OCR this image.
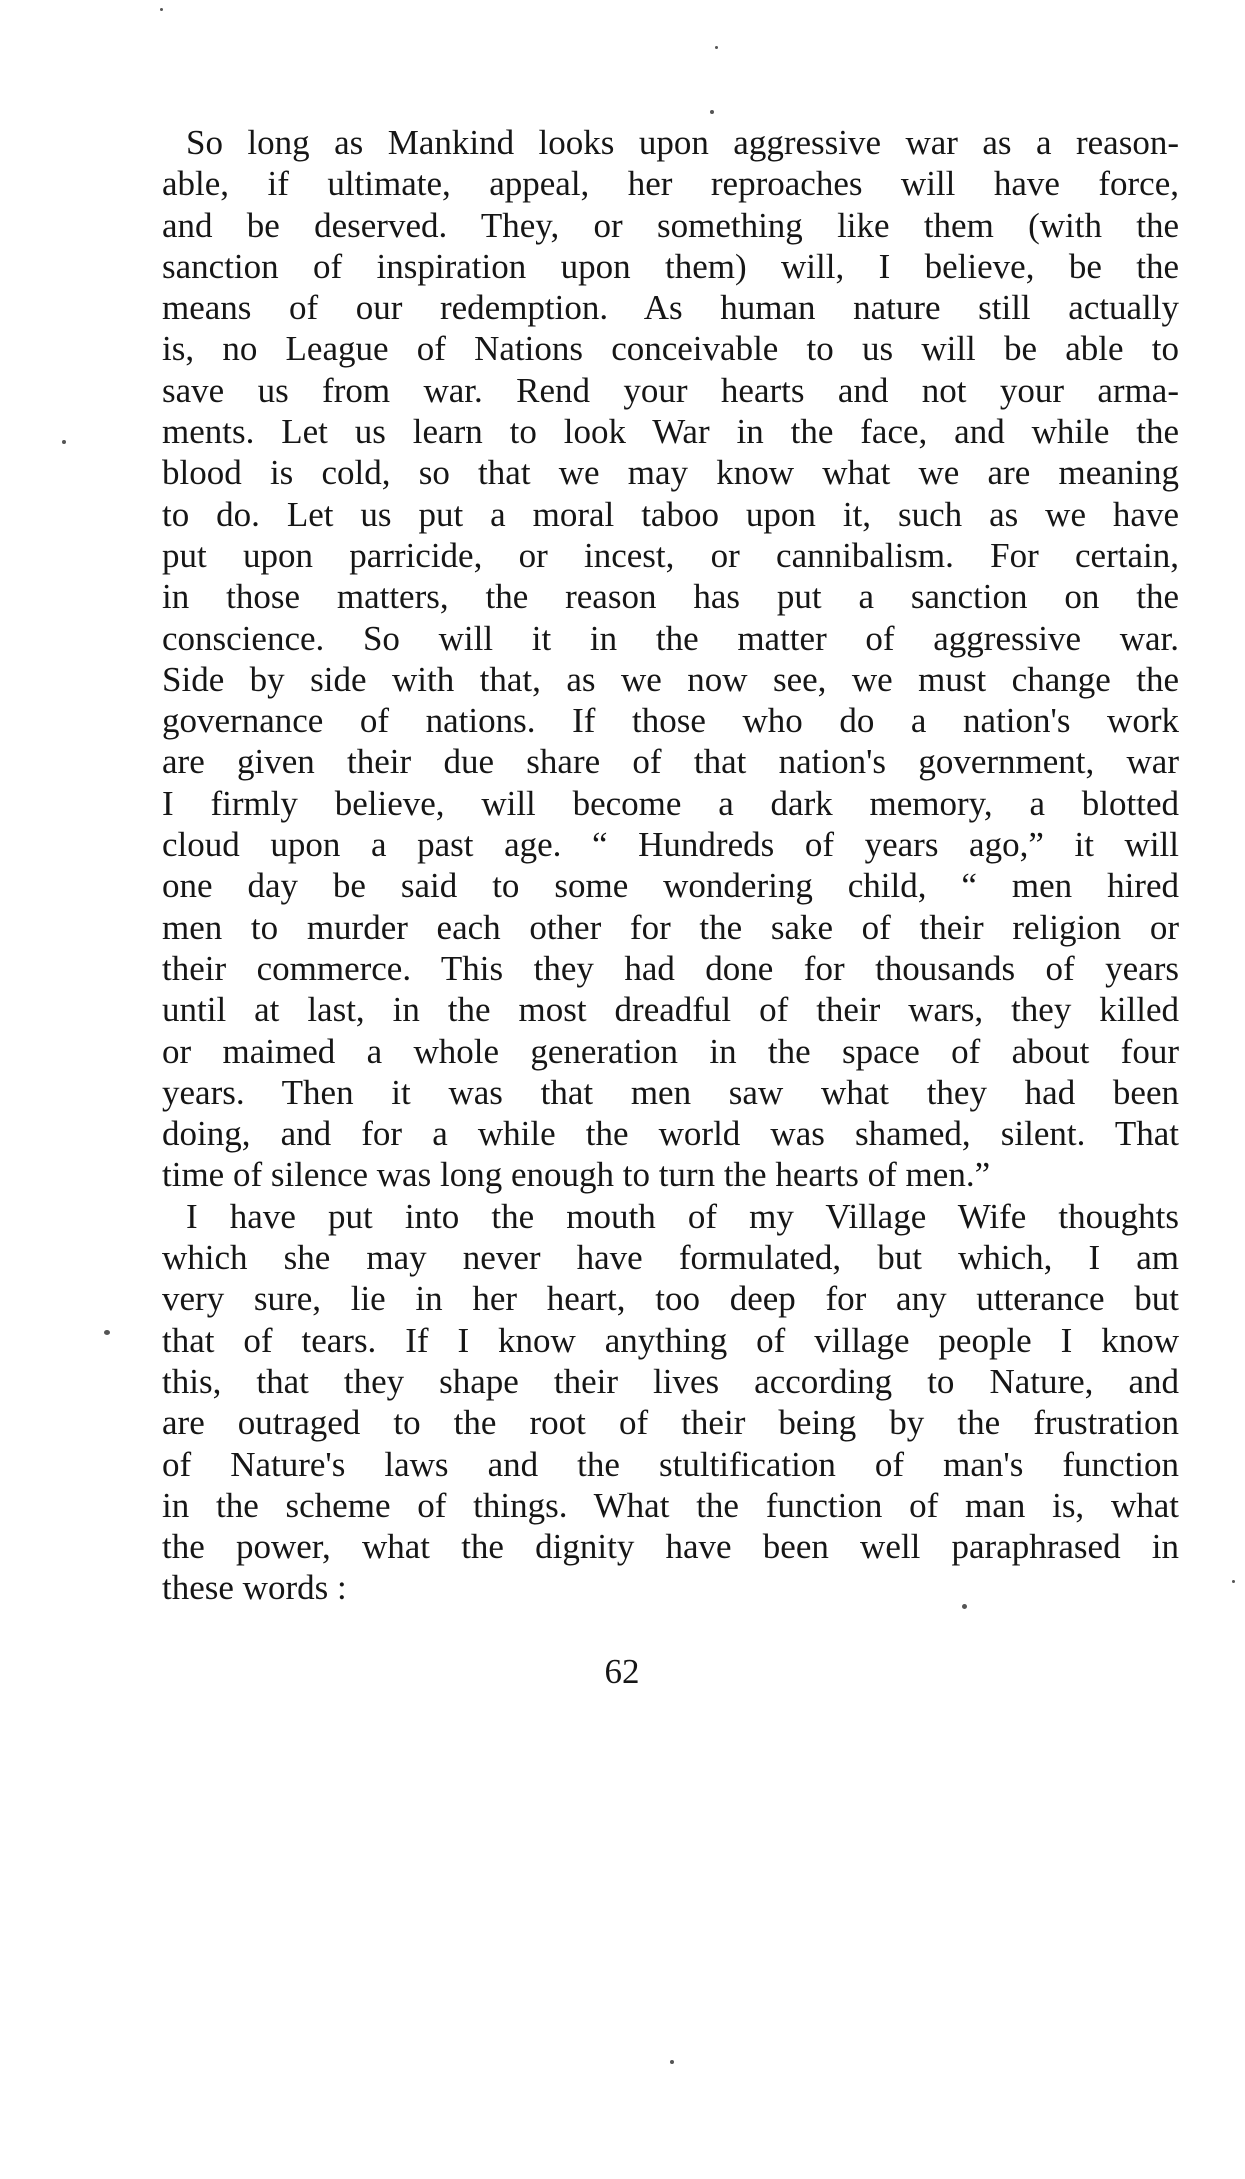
So long as Mankind looks upon aggressive war as a reason-
able, if ultimate, appeal, her reproaches will have force,
and be deserved. They, or something like them (with the
sanction of inspiration upon them) will, I believe, be the
means of our redemption. As human nature still actually
is, no League of Nations conceivable to us will be able to
save us from war. Rend your hearts and not your arma-
ments. Let us learn to look War in the face, and while the
blood is cold, so that we may know what we are meaning
to do. Let us put a moral taboo upon it, such as we have
put upon parricide, or incest, or cannibalism. For certain,
in those matters, the reason has put a sanction on the
conscience. So will it in the matter of aggressive war.
Side by side with that, as we now see, we must change the
governance of nations. If those who do a nation's work
are given their due share of that nation's government, war
I firmly believe, will become a dark memory, a blotted
cloud upon a past age. “ Hundreds of years ago,” it will
one day be said to some wondering child, “ men hired
men to murder each other for the sake of their religion or
their commerce. This they had done for thousands of years
until at last, in the most dreadful of their wars, they killed
or maimed a whole generation in the space of about four
years. Then it was that men saw what they had been
doing, and for a while the world was shamed, silent. That
time of silence was long enough to turn the hearts of men.”
I have put into the mouth of my Village Wife thoughts
which she may never have formulated, but which, I am
very sure, lie in her heart, too deep for any utterance but
that of tears. If I know anything of village people I know
this, that they shape their lives according to Nature, and
are outraged to the root of their being by the frustration
of Nature's laws and the stultification of man's function
in the scheme of things. What the function of man is, what
the power, what the dignity have been well paraphrased in
these words :
62
